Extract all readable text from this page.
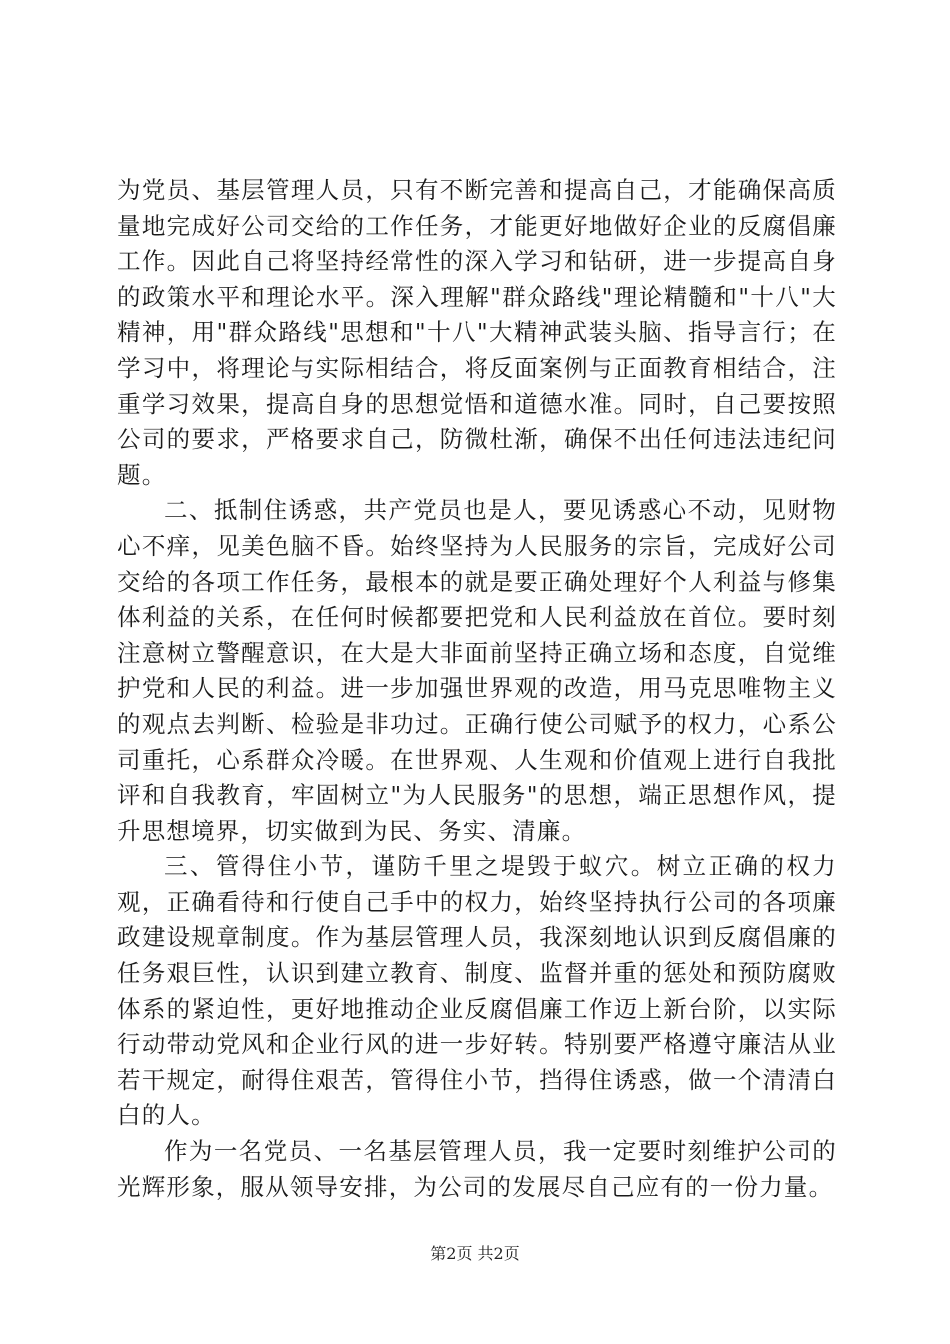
为党员、基层管理人员，只有不断完善和提高自己，才能确保高质量地完成好公司交给的工作任务，才能更好地做好企业的反腐倡廉工作。因此自己将坚持经常性的深入学习和钻研，进一步提高自身的政策水平和理论水平。深入理解"群众路线"理论精髓和"十八"大精神，用"群众路线"思想和"十八"大精神武装头脑、指导言行；在学习中，将理论与实际相结合，将反面案例与正面教育相结合，注重学习效果，提高自身的思想觉悟和道德水准。同时，自己要按照公司的要求，严格要求自己，防微杜渐，确保不出任何违法违纪问题。

二、抵制住诱惑，共产党员也是人，要见诱惑心不动，见财物心不痒，见美色脑不昏。始终坚持为人民服务的宗旨，完成好公司交给的各项工作任务，最根本的就是要正确处理好个人利益与修集体利益的关系，在任何时候都要把党和人民利益放在首位。要时刻注意树立警醒意识，在大是大非面前坚持正确立场和态度，自觉维护党和人民的利益。进一步加强世界观的改造，用马克思唯物主义的观点去判断、检验是非功过。正确行使公司赋予的权力，心系公司重托，心系群众冷暖。在世界观、人生观和价值观上进行自我批评和自我教育，牢固树立"为人民服务"的思想，端正思想作风，提升思想境界，切实做到为民、务实、清廉。

三、管得住小节，谨防千里之堤毁于蚁穴。树立正确的权力观，正确看待和行使自己手中的权力，始终坚持执行公司的各项廉政建设规章制度。作为基层管理人员，我深刻地认识到反腐倡廉的任务艰巨性，认识到建立教育、制度、监督并重的惩处和预防腐败体系的紧迫性，更好地推动企业反腐倡廉工作迈上新台阶，以实际行动带动党风和企业行风的进一步好转。特别要严格遵守廉洁从业若干规定，耐得住艰苦，管得住小节，挡得住诱惑，做一个清清白白的人。

作为一名党员、一名基层管理人员，我一定要时刻维护公司的光辉形象，服从领导安排，为公司的发展尽自己应有的一份力量。

第2页 共2页
